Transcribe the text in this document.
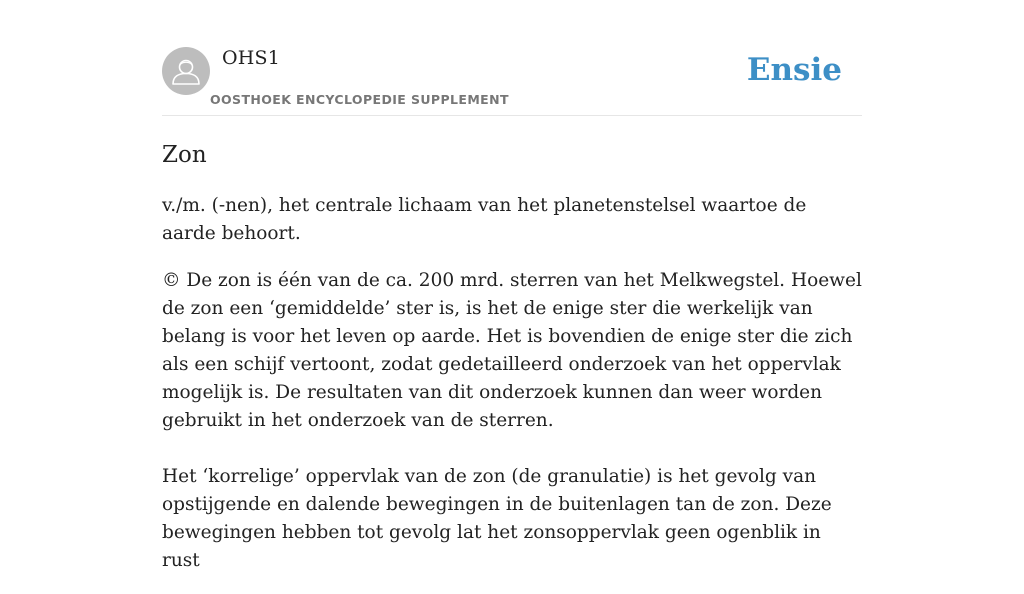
OHS1
OOSTHOEK ENCYCLOPEDIE SUPPLEMENT
Ensie
Zon

v./m. (-nen), het centrale lichaam van het planetenstelsel waartoe de aarde behoort.

© De zon is één van de ca. 200 mrd. sterren van het Melkwegstel. Hoewel de zon een ‘gemiddelde’ ster is, is het de enige ster die werkelijk van belang is voor het leven op aarde. Het is bovendien de enige ster die zich als een schijf vertoont, zodat gedetailleerd onderzoek van het oppervlak mogelijk is. De resultaten van dit onderzoek kunnen dan weer worden gebruikt in het onderzoek van de sterren.

Het ‘korrelige’ oppervlak van de zon (de granulatie) is het gevolg van opstijgende en dalende bewegingen in de buitenlagen tan de zon. Deze bewegingen hebben tot gevolg lat het zonsoppervlak geen ogenblik in rust
